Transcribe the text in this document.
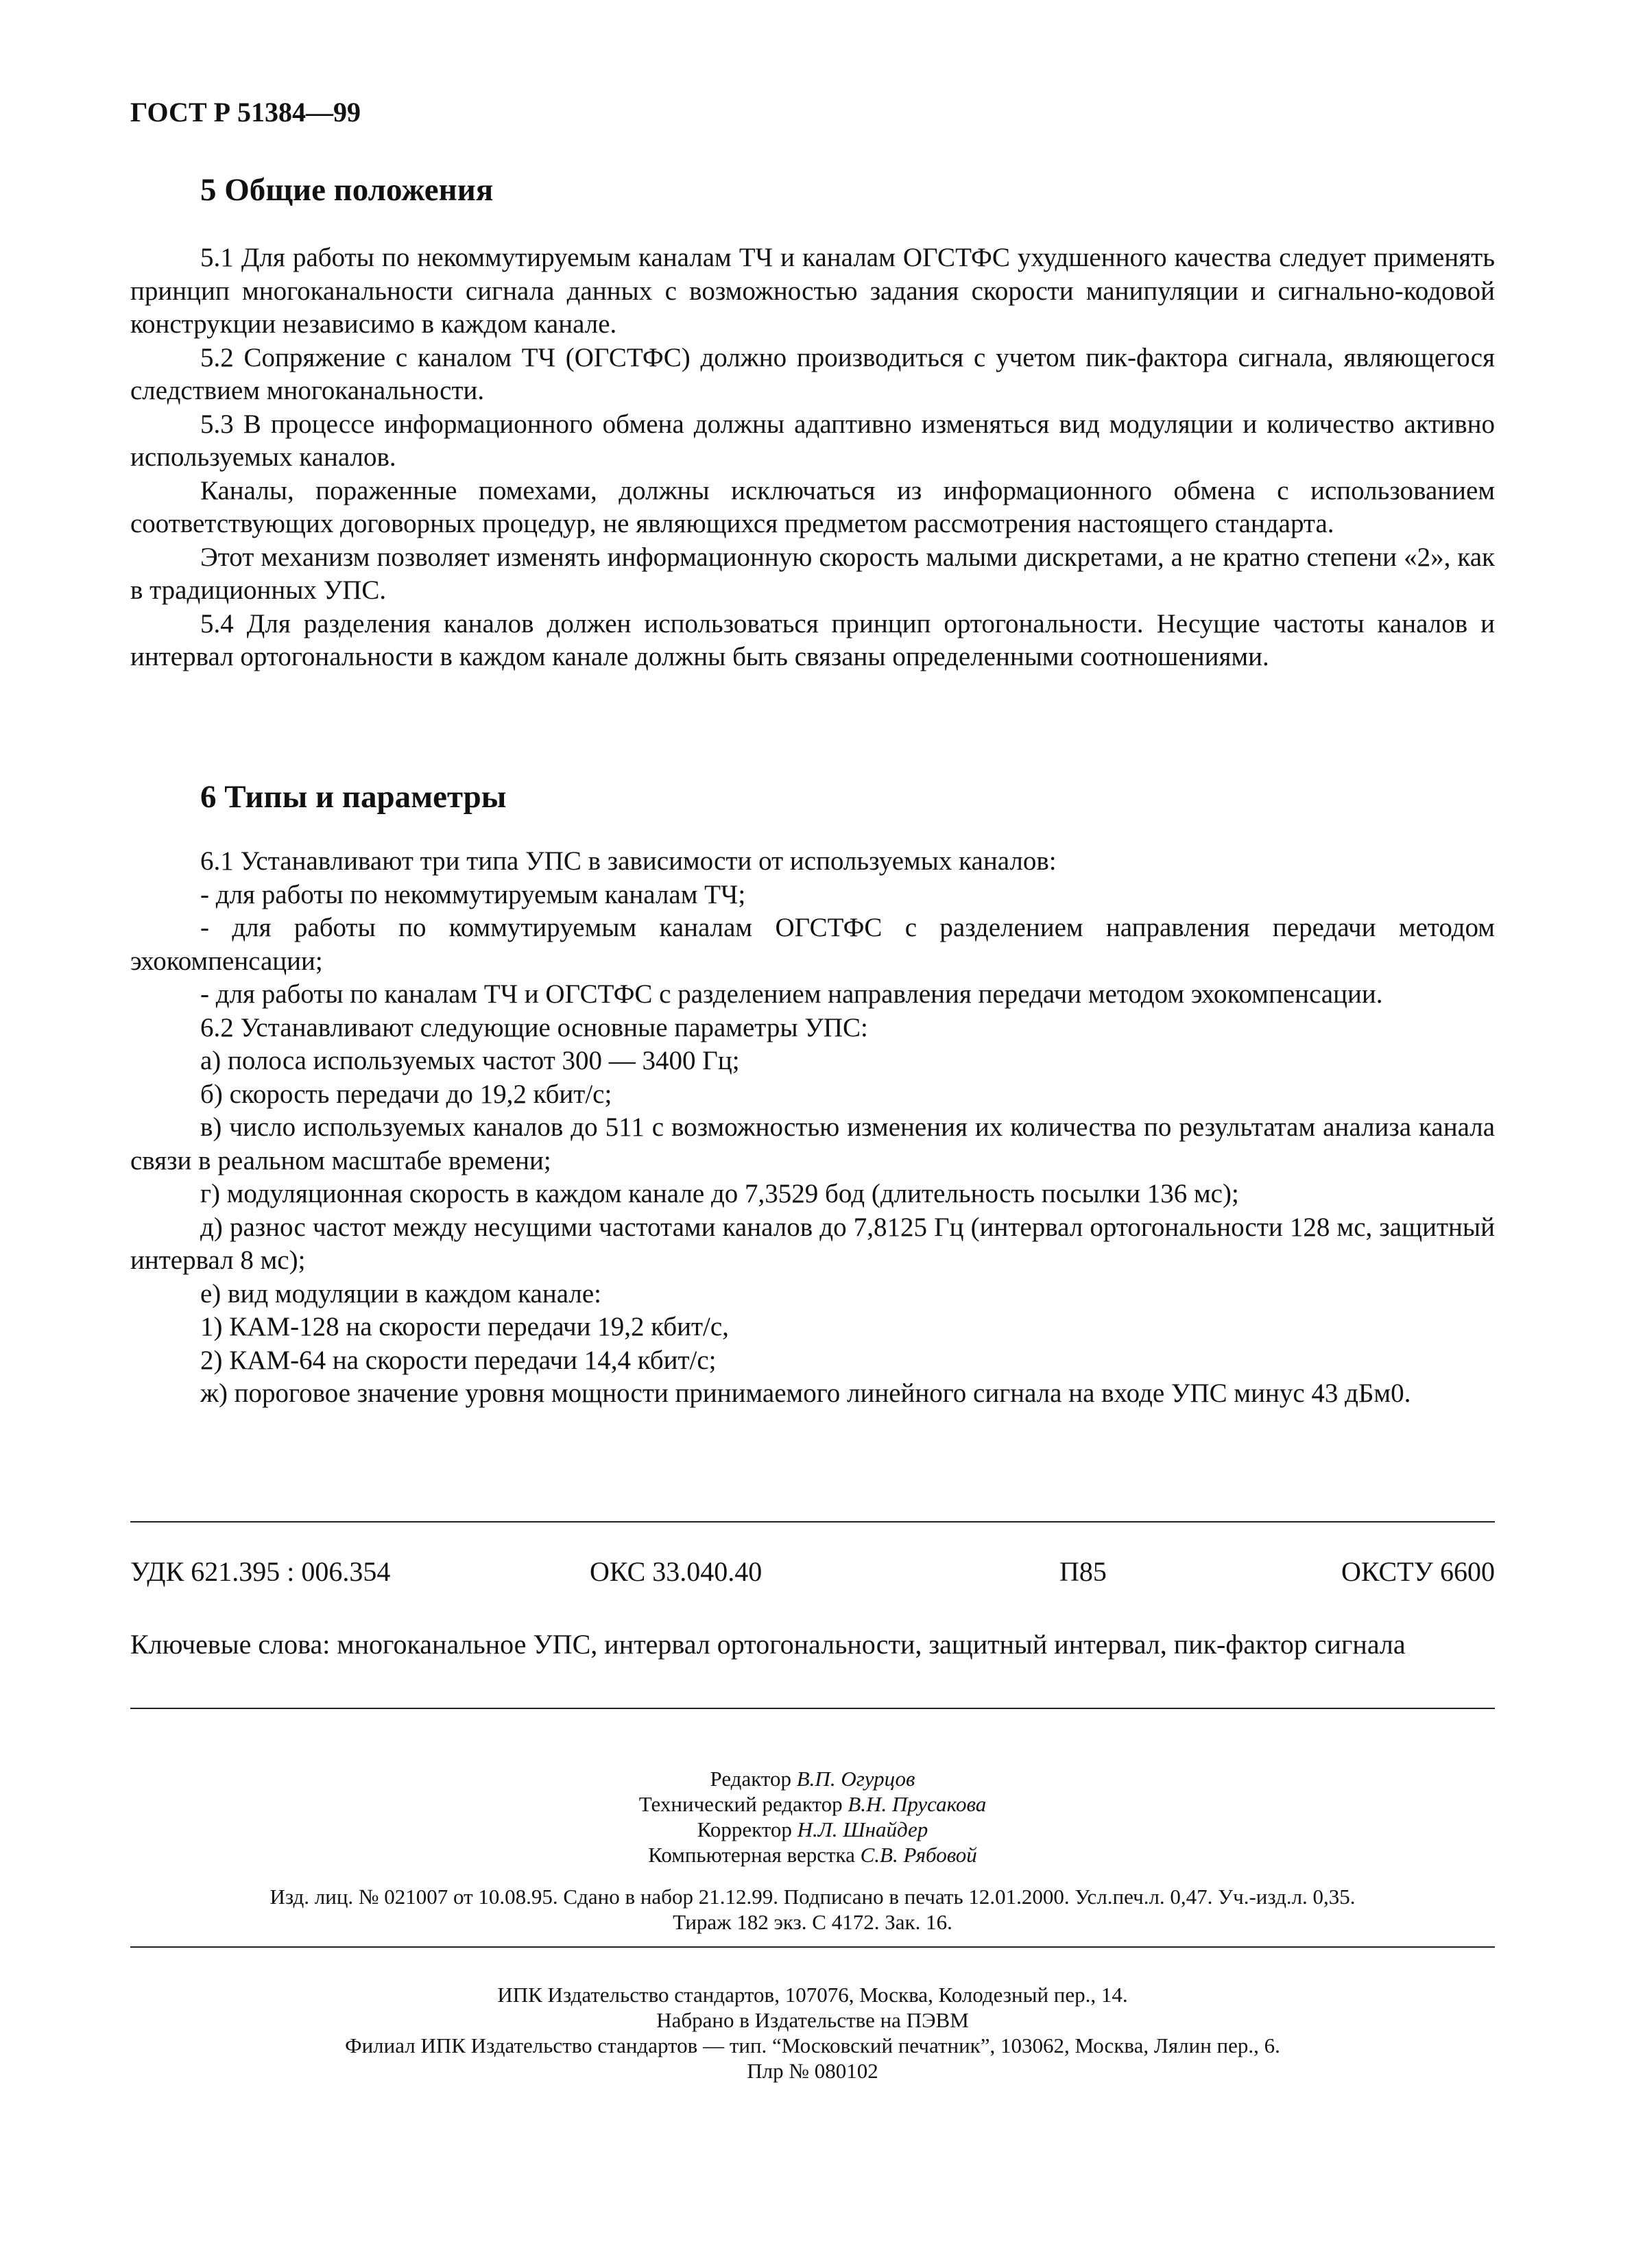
ГОСТ Р 51384—99
5 Общие положения

5.1 Для работы по некоммутируемым каналам ТЧ и каналам ОГСТФС ухудшенного качества следует применять принцип многоканальности сигнала данных с возможностью задания скорости манипуляции и сигнально-кодовой конструкции независимо в каждом канале.

5.2 Сопряжение с каналом ТЧ (ОГСТФС) должно производиться с учетом пик-фактора сигнала, являющегося следствием многоканальности.

5.3 В процессе информационного обмена должны адаптивно изменяться вид модуляции и количество активно используемых каналов.

Каналы, пораженные помехами, должны исключаться из информационного обмена с использованием соответствующих договорных процедур, не являющихся предметом рассмотрения настоящего стандарта.

Этот механизм позволяет изменять информационную скорость малыми дискретами, а не кратно степени «2», как в традиционных УПС.

5.4 Для разделения каналов должен использоваться принцип ортогональности. Несущие частоты каналов и интервал ортогональности в каждом канале должны быть связаны определенными соотношениями.

6 Типы и параметры

6.1 Устанавливают три типа УПС в зависимости от используемых каналов:

- для работы по некоммутируемым каналам ТЧ;

- для работы по коммутируемым каналам ОГСТФС с разделением направления передачи методом эхокомпенсации;

- для работы по каналам ТЧ и ОГСТФС с разделением направления передачи методом эхокомпенсации.

6.2 Устанавливают следующие основные параметры УПС:

а) полоса используемых частот 300 — 3400 Гц;

б) скорость передачи до 19,2 кбит/с;

в) число используемых каналов до 511 с возможностью изменения их количества по результатам анализа канала связи в реальном масштабе времени;

г) модуляционная скорость в каждом канале до 7,3529 бод (длительность посылки 136 мс);

д) разнос частот между несущими частотами каналов до 7,8125 Гц (интервал ортогональности 128 мс, защитный интервал 8 мс);

е) вид модуляции в каждом канале:

1) КАМ-128 на скорости передачи 19,2 кбит/с,

2) КАМ-64 на скорости передачи 14,4 кбит/с;

ж) пороговое значение уровня мощности принимаемого линейного сигнала на входе УПС минус 43 дБм0.

УДК 621.395 : 006.354	ОКС 33.040.40	П85	ОКСТУ 6600
Ключевые слова: многоканальное УПС, интервал ортогональности, защитный интервал, пик-фактор сигнала
Редактор В.П. Огурцов
Технический редактор В.Н. Прусакова
Корректор Н.Л. Шнайдер
Компьютерная верстка С.В. Рябовой
Изд. лиц. № 021007 от 10.08.95. Сдано в набор 21.12.99. Подписано в печать 12.01.2000. Усл.печ.л. 0,47. Уч.-изд.л. 0,35.
Тираж 182 экз. С 4172. Зак. 16.
ИПК Издательство стандартов, 107076, Москва, Колодезный пер., 14.
Набрано в Издательстве на ПЭВМ
Филиал ИПК Издательство стандартов — тип. “Московский печатник”, 103062, Москва, Лялин пер., 6.
Плр № 080102
